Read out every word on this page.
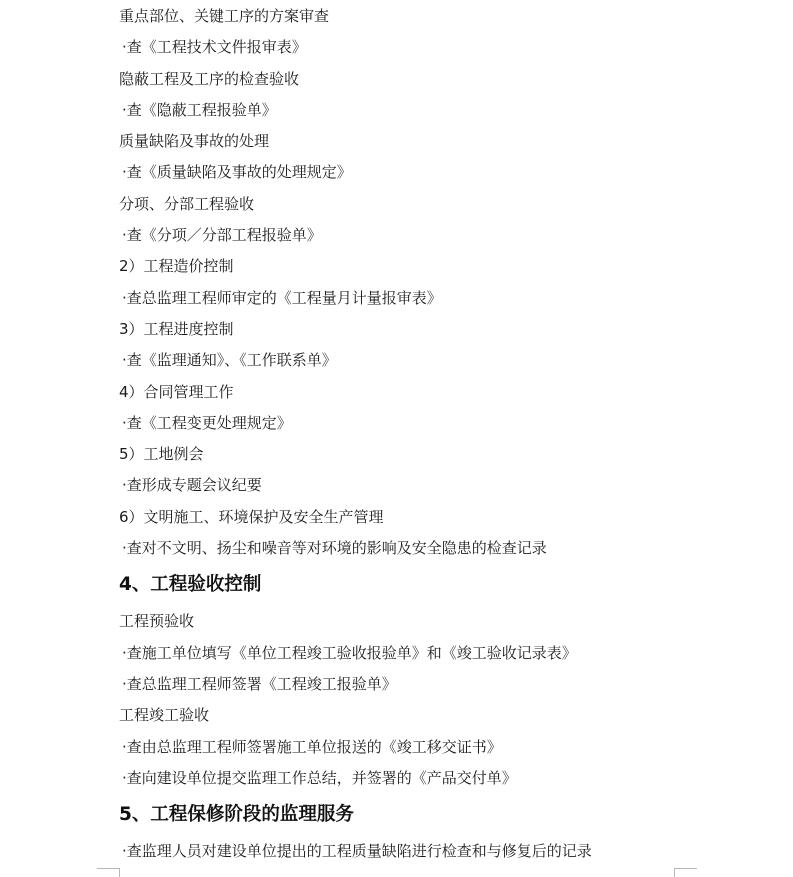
重点部位、关键工序的方案审查
·查《工程技术文件报审表》
隐蔽工程及工序的检查验收
·查《隐蔽工程报验单》
质量缺陷及事故的处理
·查《质量缺陷及事故的处理规定》
分项、分部工程验收
·查《分项／分部工程报验单》
2）工程造价控制
·查总监理工程师审定的《工程量月计量报审表》
3）工程进度控制
·查《监理通知》、《工作联系单》
4）合同管理工作
·查《工程变更处理规定》
5）工地例会
·查形成专题会议纪要
6）文明施工、环境保护及安全生产管理
·查对不文明、扬尘和噪音等对环境的影响及安全隐患的检查记录
4、工程验收控制
工程预验收
·查施工单位填写《单位工程竣工验收报验单》和《竣工验收记录表》
·查总监理工程师签署《工程竣工报验单》
工程竣工验收
·查由总监理工程师签署施工单位报送的《竣工移交证书》
·查向建设单位提交监理工作总结，并签署的《产品交付单》
5、工程保修阶段的监理服务
·查监理人员对建设单位提出的工程质量缺陷进行检查和与修复后的记录
